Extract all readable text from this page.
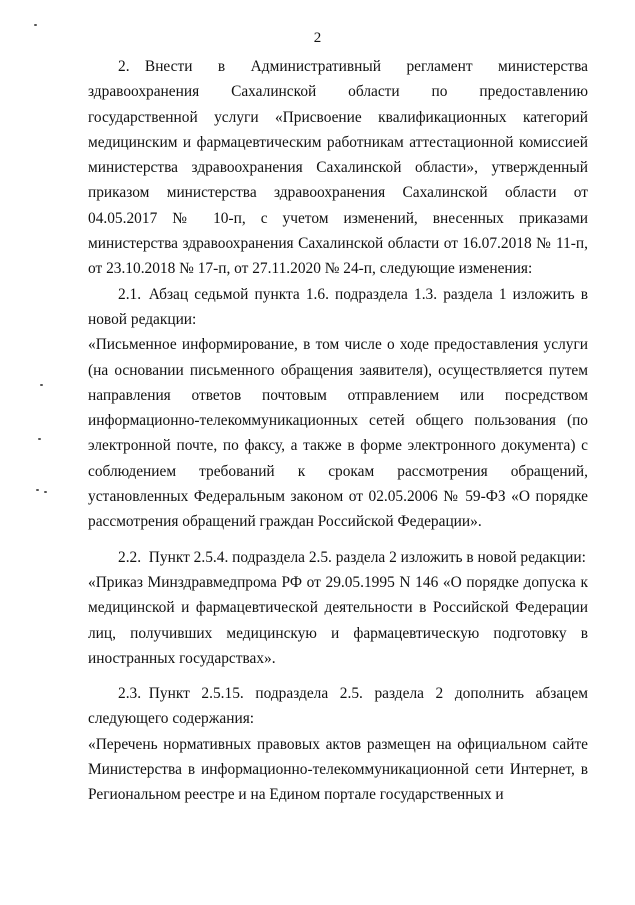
2

2. Внести в Административный регламент министерства здравоохранения Сахалинской области по предоставлению государственной услуги «Присвоение квалификационных категорий медицинским и фармацевтическим работникам аттестационной комиссией министерства здравоохранения Сахалинской области», утвержденный приказом министерства здравоохранения Сахалинской области от 04.05.2017 № 10-п, с учетом изменений, внесенных приказами министерства здравоохранения Сахалинской области от 16.07.2018 № 11-п, от 23.10.2018 № 17-п, от 27.11.2020 № 24-п, следующие изменения:

2.1. Абзац седьмой пункта 1.6. подраздела 1.3. раздела 1 изложить в новой редакции:

«Письменное информирование, в том числе о ходе предоставления услуги (на основании письменного обращения заявителя), осуществляется путем направления ответов почтовым отправлением или посредством информационно-телекоммуникационных сетей общего пользования (по электронной почте, по факсу, а также в форме электронного документа) с соблюдением требований к срокам рассмотрения обращений, установленных Федеральным законом от 02.05.2006 № 59-ФЗ «О порядке рассмотрения обращений граждан Российской Федерации».

2.2. Пункт 2.5.4. подраздела 2.5. раздела 2 изложить в новой редакции:

«Приказ Минздравмедпрома РФ от 29.05.1995 N 146 «О порядке допуска к медицинской и фармацевтической деятельности в Российской Федерации лиц, получивших медицинскую и фармацевтическую подготовку в иностранных государствах».

2.3. Пункт 2.5.15. подраздела 2.5. раздела 2 дополнить абзацем следующего содержания:

«Перечень нормативных правовых актов размещен на официальном сайте Министерства в информационно-телекоммуникационной сети Интернет, в Региональном реестре и на Едином портале государственных и
